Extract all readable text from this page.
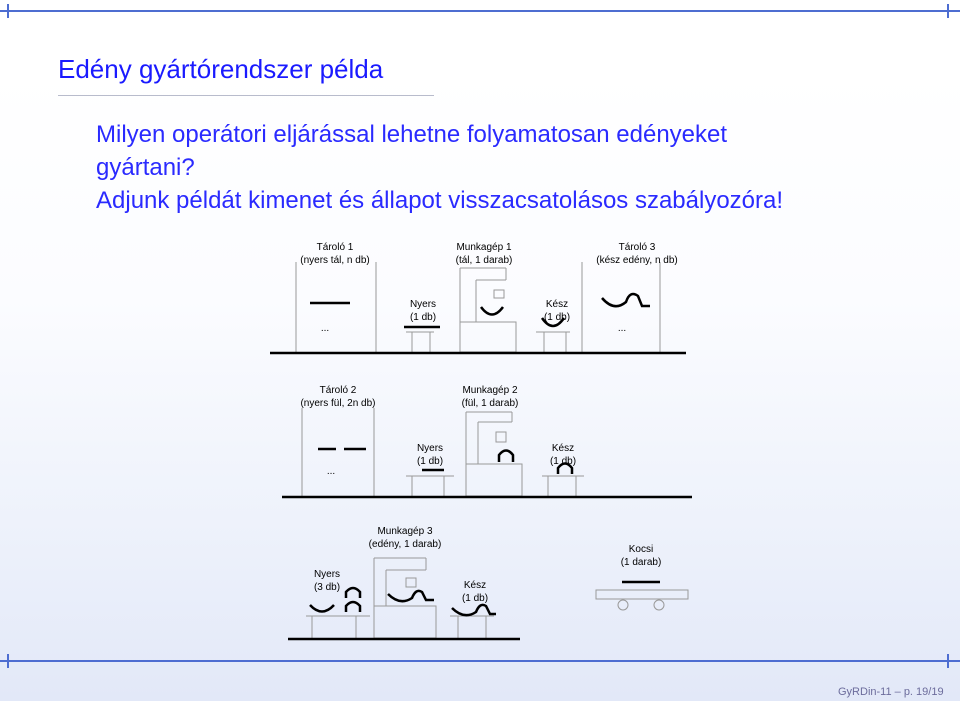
Edény gyártórendszer példa

Milyen operátori eljárással lehetne folyamatosan edényeket

gyártani?

Adjunk példát kimenet és állapot visszacsatolásos szabályozóra!

Tároló 1
(nyers tál, n db)
Munkagép 1
(tál, 1 darab)
Tároló 3
(kész edény, n db)
Nyers
(1 db)
Kész
(1 db)
...	...
Tároló 2
(nyers fül, 2n db)
Munkagép 2
(fül, 1 darab)
Nyers
(1 db)
Kész
(1 db)
...
Munkagép 3
(edény, 1 darab)
Nyers
(3 db)	Kész
(1 db)
Kocsi
(1 darab)
GyRDin-11 – p. 19/19
